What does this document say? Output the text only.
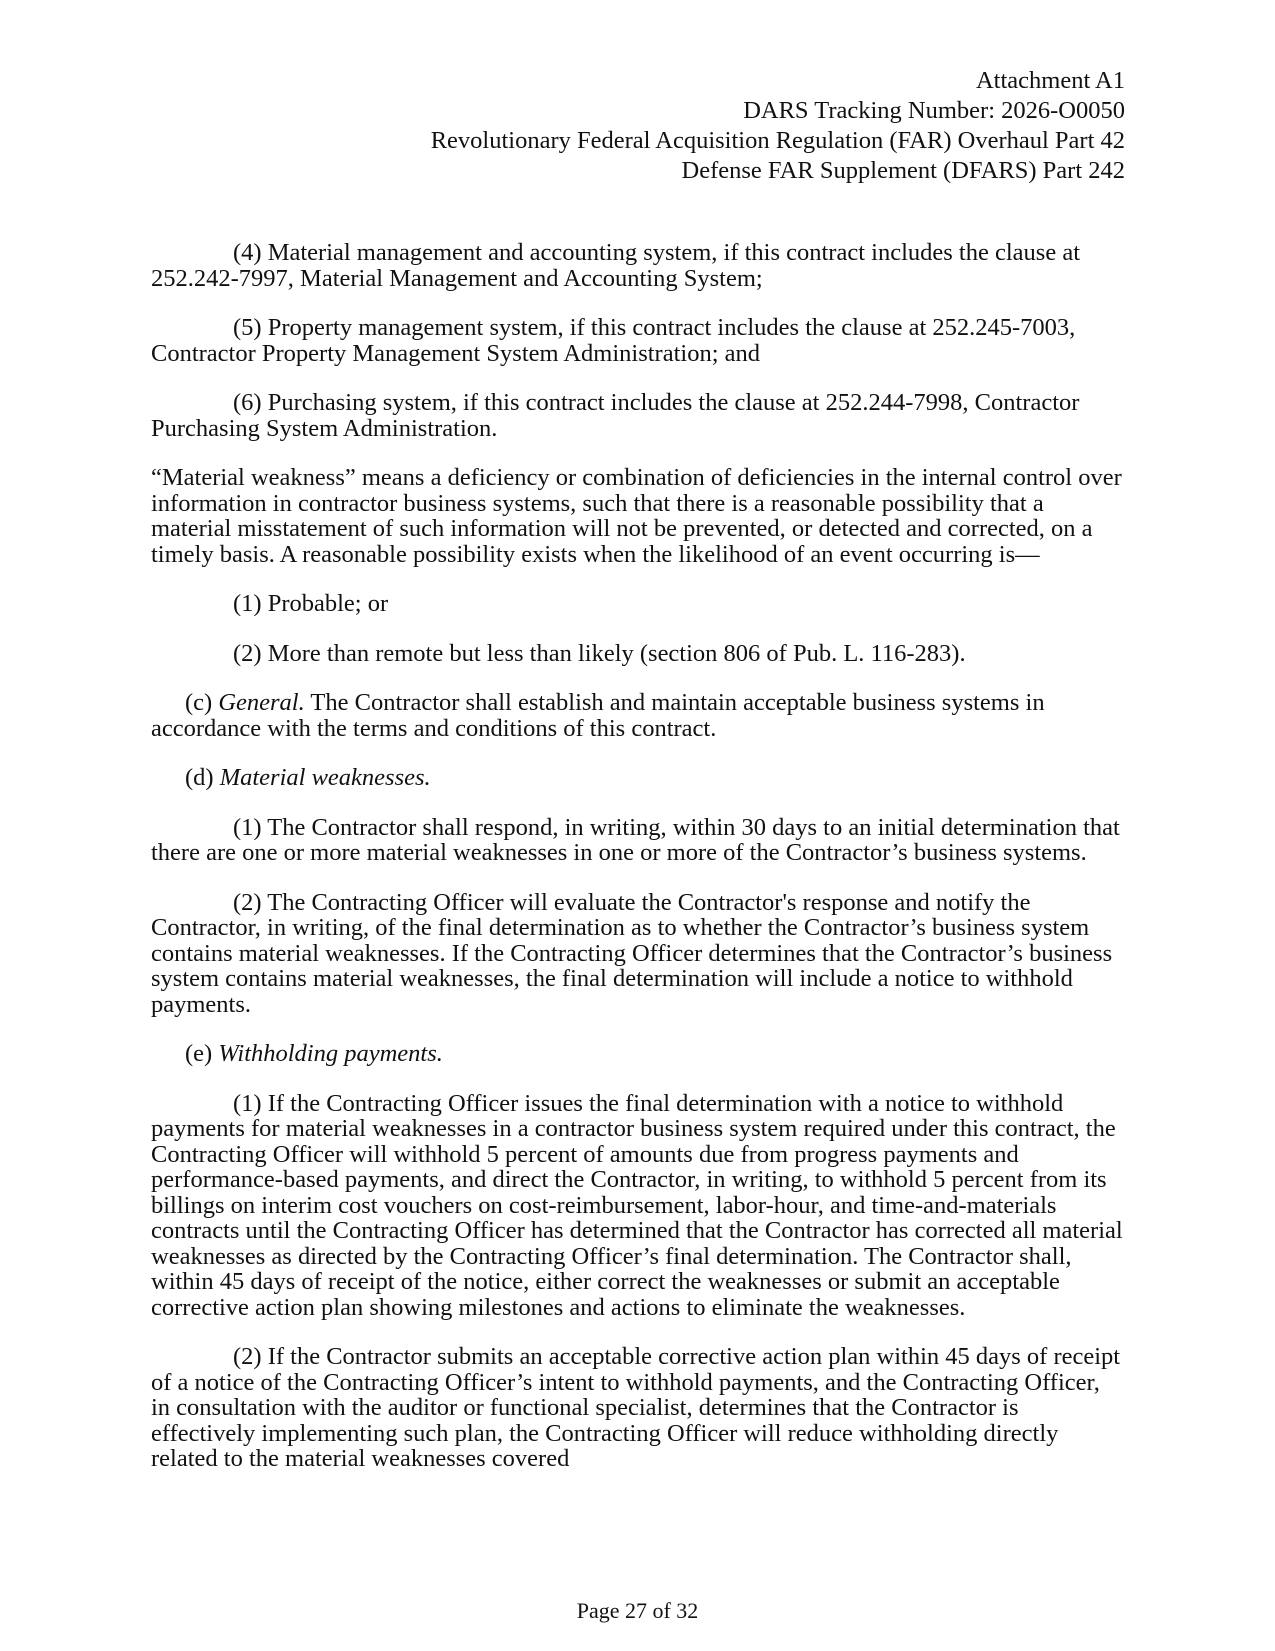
Attachment A1
DARS Tracking Number: 2026-O0050
Revolutionary Federal Acquisition Regulation (FAR) Overhaul Part 42
Defense FAR Supplement (DFARS) Part 242

(4) Material management and accounting system, if this contract includes the clause at 252.242-7997, Material Management and Accounting System;

(5) Property management system, if this contract includes the clause at 252.245-7003, Contractor Property Management System Administration; and

(6) Purchasing system, if this contract includes the clause at 252.244-7998, Contractor Purchasing System Administration.

“Material weakness” means a deficiency or combination of deficiencies in the internal control over information in contractor business systems, such that there is a reasonable possibility that a material misstatement of such information will not be prevented, or detected and corrected, on a timely basis. A reasonable possibility exists when the likelihood of an event occurring is—

(1) Probable; or

(2) More than remote but less than likely (section 806 of Pub. L. 116-283).

(c) General. The Contractor shall establish and maintain acceptable business systems in accordance with the terms and conditions of this contract.

(d) Material weaknesses.

(1) The Contractor shall respond, in writing, within 30 days to an initial determination that there are one or more material weaknesses in one or more of the Contractor’s business systems.

(2) The Contracting Officer will evaluate the Contractor's response and notify the Contractor, in writing, of the final determination as to whether the Contractor’s business system contains material weaknesses. If the Contracting Officer determines that the Contractor’s business system contains material weaknesses, the final determination will include a notice to withhold payments.

(e) Withholding payments.

(1) If the Contracting Officer issues the final determination with a notice to withhold payments for material weaknesses in a contractor business system required under this contract, the Contracting Officer will withhold 5 percent of amounts due from progress payments and performance-based payments, and direct the Contractor, in writing, to withhold 5 percent from its billings on interim cost vouchers on cost-reimbursement, labor-hour, and time-and-materials contracts until the Contracting Officer has determined that the Contractor has corrected all material weaknesses as directed by the Contracting Officer’s final determination. The Contractor shall, within 45 days of receipt of the notice, either correct the weaknesses or submit an acceptable corrective action plan showing milestones and actions to eliminate the weaknesses.

(2) If the Contractor submits an acceptable corrective action plan within 45 days of receipt of a notice of the Contracting Officer’s intent to withhold payments, and the Contracting Officer, in consultation with the auditor or functional specialist, determines that the Contractor is effectively implementing such plan, the Contracting Officer will reduce withholding directly related to the material weaknesses covered

Page 27 of 32
